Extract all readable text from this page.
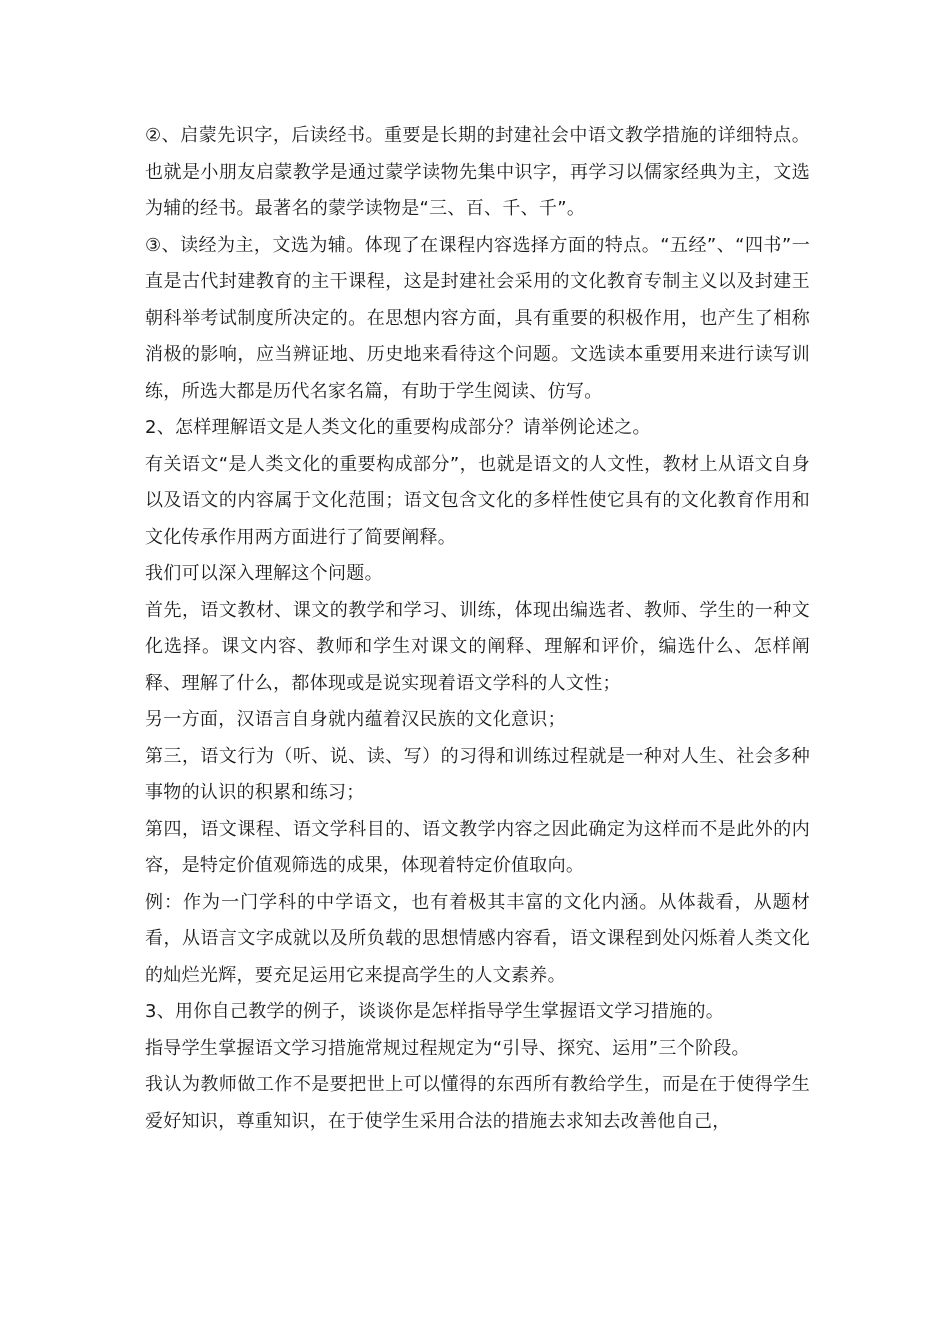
②、启蒙先识字，后读经书。重要是长期的封建社会中语文教学措施的详细特点。也就是小朋友启蒙教学是通过蒙学读物先集中识字，再学习以儒家经典为主，文选为辅的经书。最著名的蒙学读物是“三、百、千、千”。

③、读经为主，文选为辅。体现了在课程内容选择方面的特点。“五经”、“四书”一直是古代封建教育的主干课程，这是封建社会采用的文化教育专制主义以及封建王朝科举考试制度所决定的。在思想内容方面，具有重要的积极作用，也产生了相称消极的影响，应当辨证地、历史地来看待这个问题。文选读本重要用来进行读写训练，所选大都是历代名家名篇，有助于学生阅读、仿写。

2、怎样理解语文是人类文化的重要构成部分？请举例论述之。

有关语文“是人类文化的重要构成部分”，也就是语文的人文性，教材上从语文自身以及语文的内容属于文化范围；语文包含文化的多样性使它具有的文化教育作用和文化传承作用两方面进行了简要阐释。

我们可以深入理解这个问题。

首先，语文教材、课文的教学和学习、训练，体现出编选者、教师、学生的一种文化选择。课文内容、教师和学生对课文的阐释、理解和评价，编选什么、怎样阐释、理解了什么，都体现或是说实现着语文学科的人文性；

另一方面，汉语言自身就内蕴着汉民族的文化意识；

第三，语文行为（听、说、读、写）的习得和训练过程就是一种对人生、社会多种事物的认识的积累和练习；

第四，语文课程、语文学科目的、语文教学内容之因此确定为这样而不是此外的内容，是特定价值观筛选的成果，体现着特定价值取向。

例：作为一门学科的中学语文，也有着极其丰富的文化内涵。从体裁看，从题材看，从语言文字成就以及所负载的思想情感内容看，语文课程到处闪烁着人类文化的灿烂光辉，要充足运用它来提高学生的人文素养。

3、用你自己教学的例子，谈谈你是怎样指导学生掌握语文学习措施的。

指导学生掌握语文学习措施常规过程规定为“引导、探究、运用”三个阶段。

我认为教师做工作不是要把世上可以懂得的东西所有教给学生，而是在于使得学生爱好知识，尊重知识，在于使学生采用合法的措施去求知去改善他自己，
